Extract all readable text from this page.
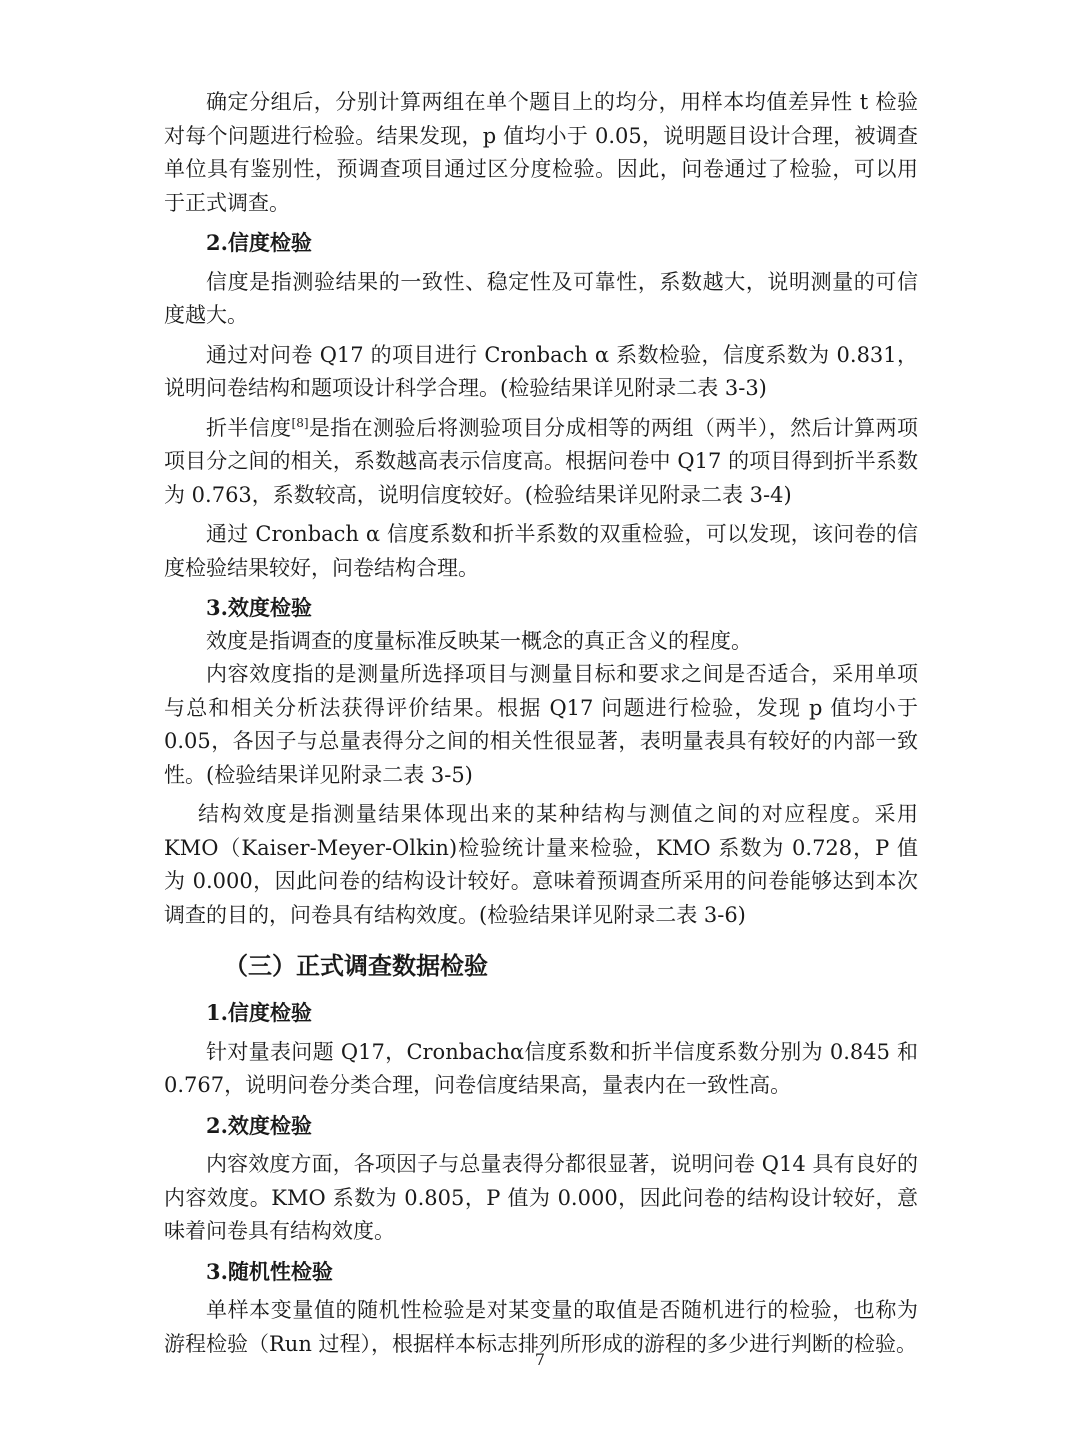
确定分组后，分别计算两组在单个题目上的均分，用样本均值差异性 t 检验对每个问题进行检验。结果发现，p 值均小于 0.05，说明题目设计合理，被调查单位具有鉴别性，预调查项目通过区分度检验。因此，问卷通过了检验，可以用于正式调查。

2.信度检验

信度是指测验结果的一致性、稳定性及可靠性，系数越大，说明测量的可信度越大。

通过对问卷 Q17 的项目进行 Cronbach α 系数检验，信度系数为 0.831，说明问卷结构和题项设计科学合理。(检验结果详见附录二表 3-3)

折半信度[8]是指在测验后将测验项目分成相等的两组（两半），然后计算两项项目分之间的相关，系数越高表示信度高。根据问卷中 Q17 的项目得到折半系数为 0.763，系数较高，说明信度较好。(检验结果详见附录二表 3-4)

通过 Cronbach α 信度系数和折半系数的双重检验，可以发现，该问卷的信度检验结果较好，问卷结构合理。

3.效度检验

效度是指调查的度量标准反映某一概念的真正含义的程度。

内容效度指的是测量所选择项目与测量目标和要求之间是否适合，采用单项与总和相关分析法获得评价结果。根据 Q17 问题进行检验，发现 p 值均小于 0.05，各因子与总量表得分之间的相关性很显著，表明量表具有较好的内部一致性。(检验结果详见附录二表 3-5)

结构效度是指测量结果体现出来的某种结构与测值之间的对应程度。采用KMO（Kaiser-Meyer-Olkin)检验统计量来检验，KMO 系数为 0.728，P 值为 0.000，因此问卷的结构设计较好。意味着预调查所采用的问卷能够达到本次调查的目的，问卷具有结构效度。(检验结果详见附录二表 3-6)

（三）正式调查数据检验
1.信度检验

针对量表问题 Q17，Cronbachα信度系数和折半信度系数分别为 0.845 和 0.767，说明问卷分类合理，问卷信度结果高，量表内在一致性高。

2.效度检验

内容效度方面，各项因子与总量表得分都很显著，说明问卷 Q14 具有良好的内容效度。KMO 系数为 0.805，P 值为 0.000，因此问卷的结构设计较好，意味着问卷具有结构效度。

3.随机性检验

单样本变量值的随机性检验是对某变量的取值是否随机进行的检验，也称为游程检验（Run 过程），根据样本标志排列所形成的游程的多少进行判断的检验。

7
